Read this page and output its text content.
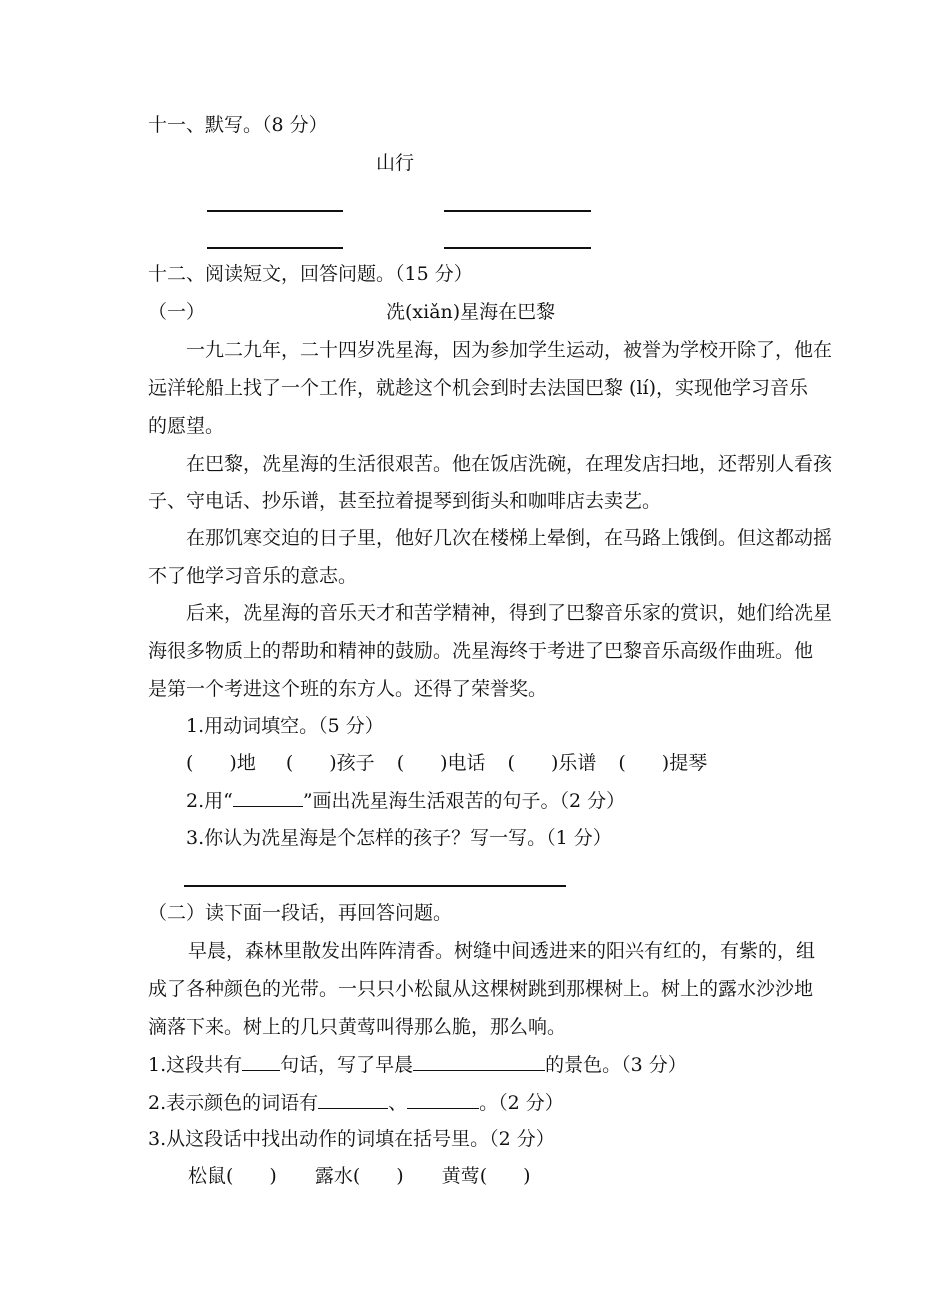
十一、默写。（8 分）
山行
十二、阅读短文，回答问题。（15 分）
（一）	冼(xiǎn)星海在巴黎
一九二九年，二十四岁冼星海，因为参加学生运动，被誉为学校开除了，他在
远洋轮船上找了一个工作，就趁这个机会到时去法国巴黎 (lí)，实现他学习音乐
的愿望。
在巴黎，冼星海的生活很艰苦。他在饭店洗碗，在理发店扫地，还帮别人看孩
子、守电话、抄乐谱，甚至拉着提琴到街头和咖啡店去卖艺。
在那饥寒交迫的日子里，他好几次在楼梯上晕倒，在马路上饿倒。但这都动摇
不了他学习音乐的意志。
后来，冼星海的音乐天才和苦学精神，得到了巴黎音乐家的赏识，她们给冼星
海很多物质上的帮助和精神的鼓励。冼星海终于考进了巴黎音乐高级作曲班。他
是第一个考进这个班的东方人。还得了荣誉奖。
1.用动词填空。（5 分）
( )地 ( )孩子 ( )电话 ( )乐谱 ( )提琴
2.用“	”画出冼星海生活艰苦的句子。（2 分）
3.你认为冼星海是个怎样的孩子？写一写。（1 分）
（二）读下面一段话，再回答问题。
早晨，森林里散发出阵阵清香。树缝中间透进来的阳兴有红的，有紫的，组
成了各种颜色的光带。一只只小松鼠从这棵树跳到那棵树上。树上的露水沙沙地
滴落下来。树上的几只黄莺叫得那么脆，那么响。
1.这段共有 句话，写了早晨	的景色。（3 分）
2.表示颜色的词语有	、	。（2 分）
3.从这段话中找出动作的词填在括号里。（2 分）
松鼠( ) 露水( ) 黄莺( )
